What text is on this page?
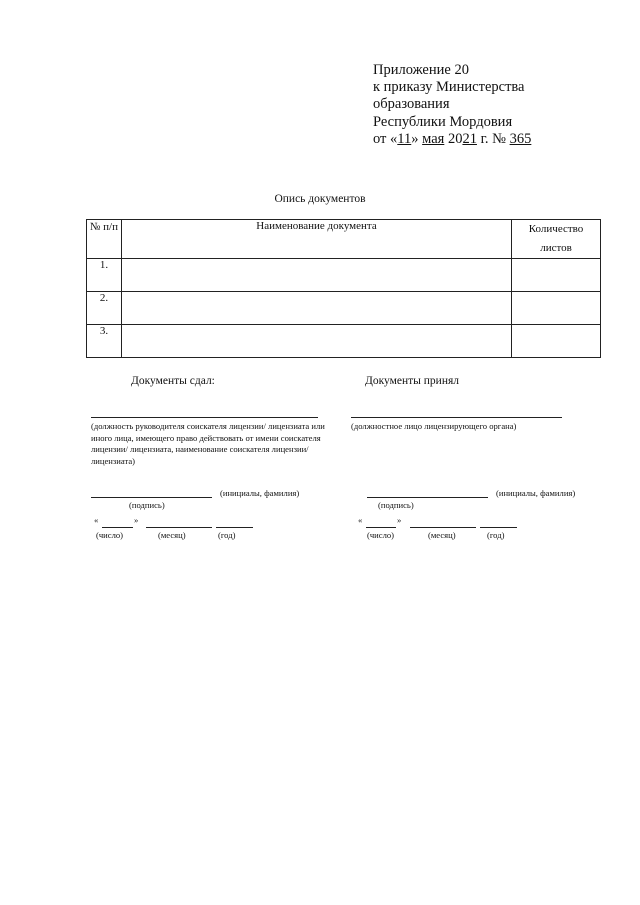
Приложение 20
к приказу Министерства
образования
Республики Мордовия
от «11» мая 2021 г. № 365
Опись документов
№ п/п	Наименование документа	Количество листов
1.		
2.		
3.		
Документы сдал:
(должность руководителя соискателя лицензии/ лицензиата или иного лица, имеющего право действовать от имени соискателя лицензии/ лицензиата, наименование соискателя лицензии/ лицензиата)
(инициалы, фамилия)
(подпись)
«	»
(число)	(месяц)	(год)
Документы принял
(должностное лицо лицензирующего органа)
(инициалы, фамилия)
(подпись)
«	»
(число)	(месяц)	(год)
